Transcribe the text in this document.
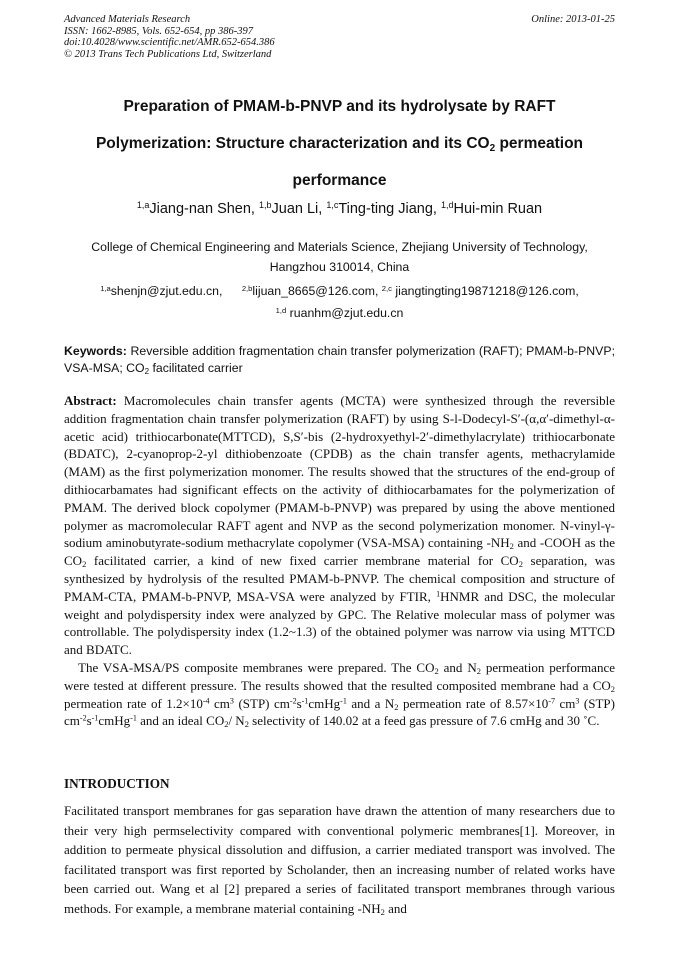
Advanced Materials Research	Online: 2013-01-25
ISSN: 1662-8985, Vols. 652-654, pp 386-397
doi:10.4028/www.scientific.net/AMR.652-654.386
© 2013 Trans Tech Publications Ltd, Switzerland
Preparation of PMAM-b-PNVP and its hydrolysate by RAFT
Polymerization: Structure characterization and its $CO_2$ permeation
performance
$^{1,a}$Jiang-nan Shen, $^{1,b}$Juan Li, $^{1,c}$Ting-ting Jiang, $^{1,d}$Hui-min Ruan
College of Chemical Engineering and Materials Science, Zhejiang University of Technology,
Hangzhou 310014, China
$^{1,a}$shenjn@zjut.edu.cn,	$^{2,b}$lijuan_8665@126.com, $^{2,c}$ jiangtingting19871218@126.com,
$^{1,d}$ ruanhm@zjut.edu.cn
Keywords: Reversible addition fragmentation chain transfer polymerization (RAFT); PMAM-b-PNVP; VSA-MSA; $CO_2$ facilitated carrier

Abstract: Macromolecules chain transfer agents (MCTA) were synthesized through the reversible addition fragmentation chain transfer polymerization (RAFT) by using S-l-Dodecyl-S′-(α,α′-dimethyl-α-acetic acid) trithiocarbonate(MTTCD), S,S′-bis (2-hydroxyethyl-2′-dimethylacrylate) trithiocarbonate (BDATC), 2-cyanoprop-2-yl dithiobenzoate (CPDB) as the chain transfer agents, methacrylamide (MAM) as the first polymerization monomer. The results showed that the structures of the end-group of dithiocarbamates had significant effects on the activity of dithiocarbamates for the polymerization of PMAM. The derived block copolymer (PMAM-b-PNVP) was prepared by using the above mentioned polymer as macromolecular RAFT agent and NVP as the second polymerization monomer. N-vinyl-γ-sodium aminobutyrate-sodium methacrylate copolymer (VSA-MSA) containing $-NH_2$ and -COOH as the $CO_2$ facilitated carrier, a kind of new fixed carrier membrane material for $CO_2$ separation, was synthesized by hydrolysis of the resulted PMAM-b-PNVP. The chemical composition and structure of PMAM-CTA, PMAM-b-PNVP, MSA-VSA were analyzed by FTIR, $^1$HNMR and DSC, the molecular weight and polydispersity index were analyzed by GPC. The Relative molecular mass of polymer was controllable. The polydispersity index (1.2~1.3) of the obtained polymer was narrow via using MTTCD and BDATC.

The VSA-MSA/PS composite membranes were prepared. The $CO_2$ and $N_2$ permeation performance were tested at different pressure. The results showed that the resulted composited membrane had a $CO_2$ permeation rate of $1.2\times 10^{-4}$ $cm^3$ (STP) $cm^{-2}s^{-1}cmHg^{-1}$ and a $N_2$ permeation rate of $8.57\times 10^{-7}$ $cm^3$ (STP) $cm^{-2}s^{-1}cmHg^{-1}$ and an ideal $CO_2/$ $N_2$ selectivity of 140.02 at a feed gas pressure of 7.6 cmHg and 30 ˚C.

INTRODUCTION

Facilitated transport membranes for gas separation have drawn the attention of many researchers due to their very high permselectivity compared with conventional polymeric membranes[1]. Moreover, in addition to permeate physical dissolution and diffusion, a carrier mediated transport was involved. The facilitated transport was first reported by Scholander, then an increasing number of related works have been carried out. Wang et al [2] prepared a series of facilitated transport membranes through various methods. For example, a membrane material containing $-NH_2$ and
